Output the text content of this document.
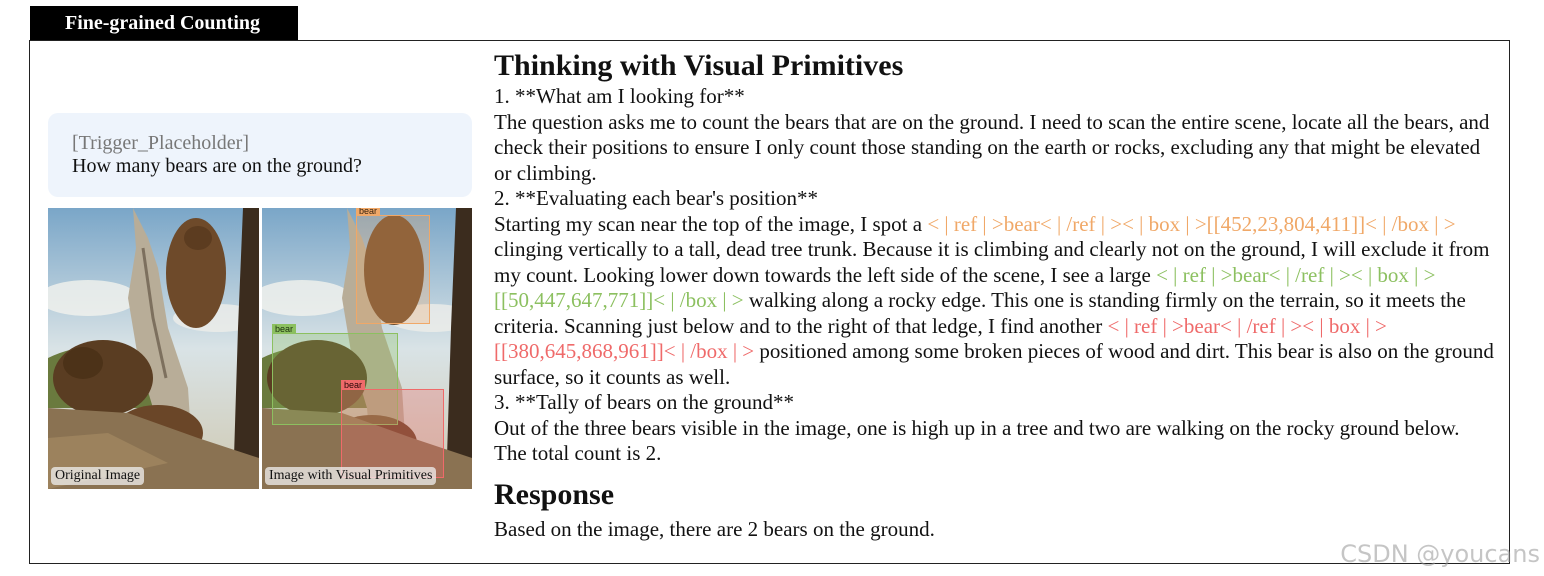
Fine-grained Counting
[Trigger_Placeholder]
How many bears are on the ground?
Original Image
bear
bear
bear
Image with Visual Primitives
Thinking with Visual Primitives

1. **What am I looking for**

The question asks me to count the bears that are on the ground. I need to scan the entire scene, locate all the bears, and check their positions to ensure I only count those standing on the earth or rocks, excluding any that might be elevated or climbing.

2. **Evaluating each bear's position**

Starting my scan near the top of the image, I spot a < | ref | >bear< | /ref | >< | box | >[[452,23,804,411]]< | /box | > clinging vertically to a tall, dead tree trunk. Because it is climbing and clearly not on the ground, I will exclude it from my count. Looking lower down towards the left side of the scene, I see a large < | ref | >bear< | /ref | >< | box | >[[50,447,647,771]]< | /box | > walking along a rocky edge. This one is standing firmly on the terrain, so it meets the criteria. Scanning just below and to the right of that ledge, I find another < | ref | >bear< | /ref | >< | box | >[[380,645,868,961]]< | /box | > positioned among some broken pieces of wood and dirt. This bear is also on the ground surface, so it counts as well.

3. **Tally of bears on the ground**

Out of the three bears visible in the image, one is high up in a tree and two are walking on the rocky ground below. The total count is 2.

Response

Based on the image, there are 2 bears on the ground.

CSDN @youcans
